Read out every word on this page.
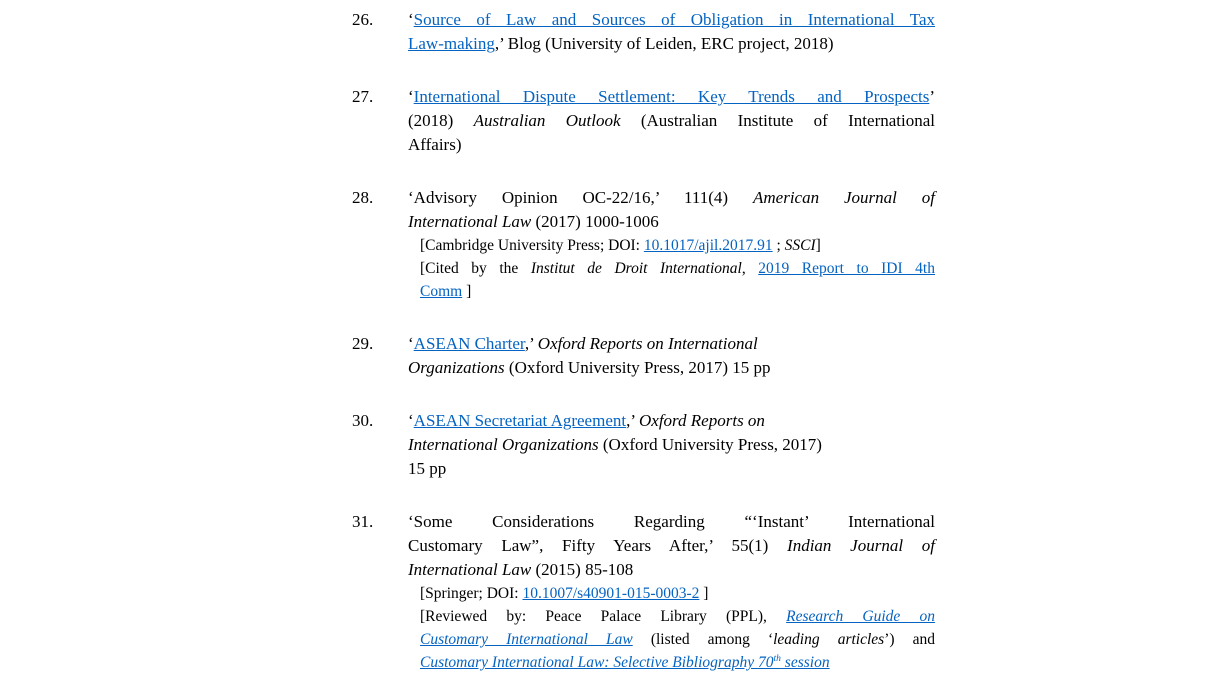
26.	‘Source of Law and Sources of Obligation in International Tax
Law-making,’ Blog (University of Leiden, ERC project, 2018)
27.	‘International Dispute Settlement: Key Trends and Prospects’
(2018) Australian Outlook (Australian Institute of International
Affairs)
28.	‘Advisory Opinion OC-22/16,’ 111(4) American Journal of
International Law (2017) 1000-1006
[Cambridge University Press; DOI: 10.1017/ajil.2017.91 ; SSCI]
[Cited by the Institut de Droit International, 2019 Report to IDI 4th
Comm ]
29.	‘ASEAN Charter,’ Oxford Reports on International
Organizations (Oxford University Press, 2017) 15 pp
30.	‘ASEAN Secretariat Agreement,’ Oxford Reports on
International Organizations (Oxford University Press, 2017)
15 pp
31.	‘Some Considerations Regarding “‘Instant’ International
Customary Law”, Fifty Years After,’ 55(1) Indian Journal of
International Law (2015) 85-108
[Springer; DOI: 10.1007/s40901-015-0003-2 ]
[Reviewed by: Peace Palace Library (PPL), Research Guide on
Customary International Law (listed among ‘leading articles’) and
Customary International Law: Selective Bibliography 70th session
